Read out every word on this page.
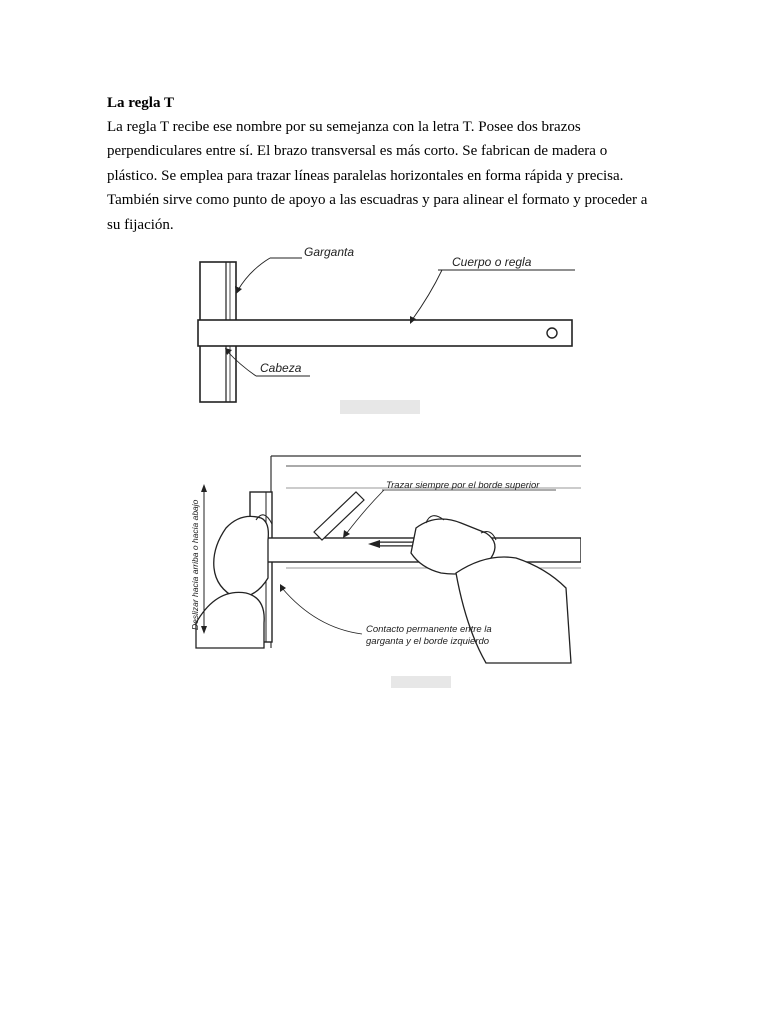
La regla T

La regla T recibe ese nombre por su semejanza con la letra T. Posee dos brazos

perpendiculares entre sí. El brazo transversal es más corto. Se fabrican de madera o

plástico. Se emplea para trazar líneas paralelas horizontales en forma rápida y precisa.

También sirve como punto de apoyo a las escuadras y para alinear el formato y proceder a

su fijación.

Garganta
Cuerpo o regla
Cabeza
Trazar siempre por el borde superior
Deslizar hacia arriba o hacia abajo	Contacto permanente entre la
garganta y el borde izquierdo
